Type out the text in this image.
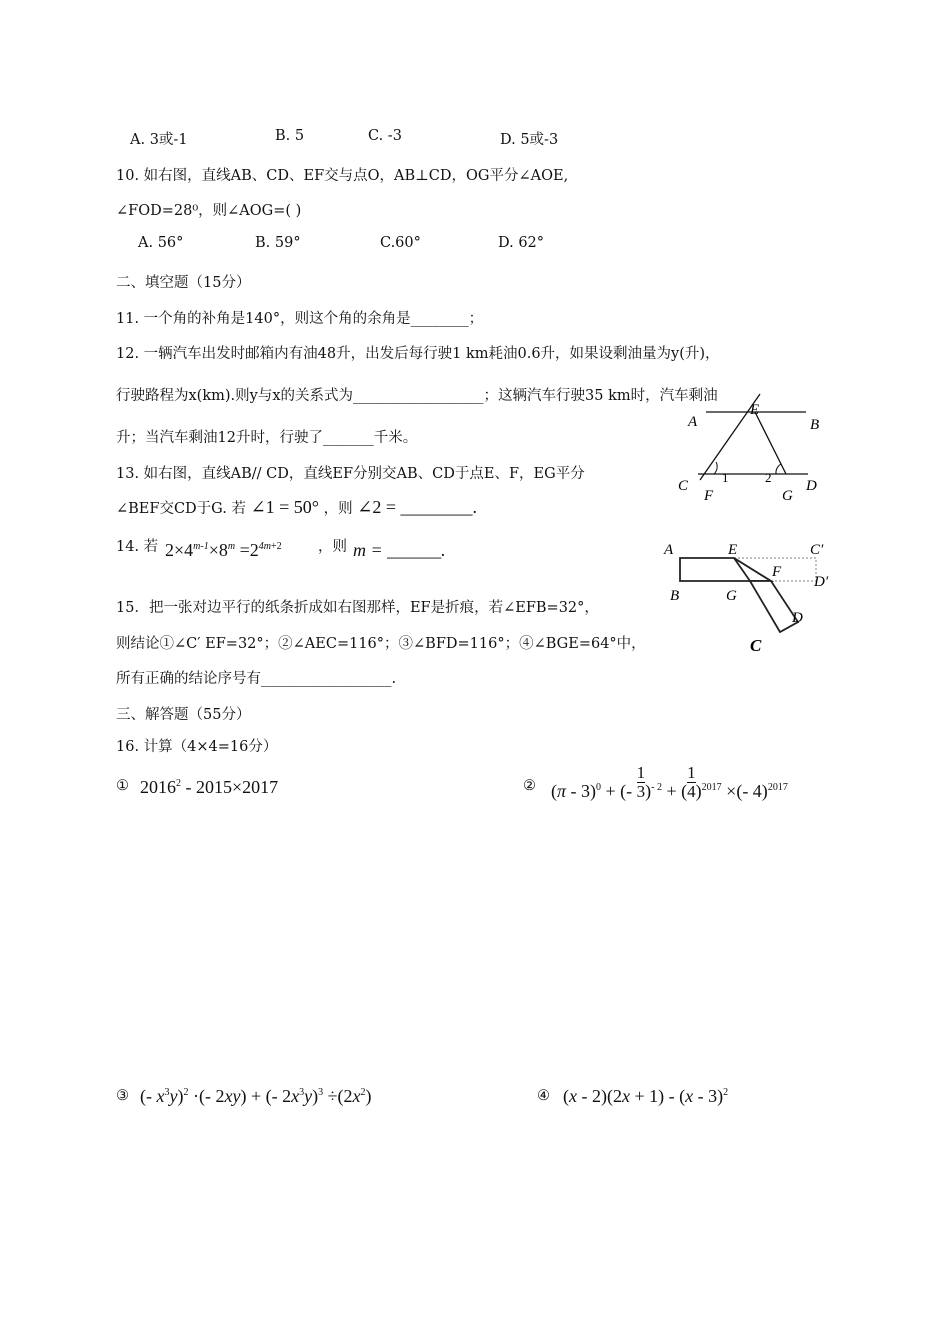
A. 3或-1	B. 5	C. -3	D. 5或-3
10. 如右图，直线AB、CD、EF交与点O，AB⊥CD，OG平分∠AOE,
∠FOD=28⁰，则∠AOG=( )
A. 56°	B. 59°	C.60°	D. 62°
二、填空题（15分）
11. 一个角的补角是140°，则这个角的余角是________；
12. 一辆汽车出发时邮箱内有油48升，出发后每行驶1 km耗油0.6升，如果设剩油量为y(升)，
行驶路程为x(km).则y与x的关系式为__________________；这辆汽车行驶35 km时，汽车剩油
升；当汽车剩油12升时，行驶了_______千米。
13. 如右图，直线AB// CD，直线EF分别交AB、CD于点E、F，EG平分
∠BEF交CD于G. 若 ∠1 = 50° ，则 ∠2 = ________.
14. 若 $2\times 4^{m-1}\times 8^m =2^{4m+2}$	，则 m = ______.
15．把一张对边平行的纸条折成如右图那样，EF是折痕，若∠EFB=32°，
则结论①∠C′ EF=32°；②∠AEC=116°；③∠BFD=116°；④∠BGE=64°中，
所有正确的结论序号有__________________.
三、解答题（55分）
16. 计算（4×4=16分）
① 2016$^2$ - 2015×2017	② (π - 3)$^0$ + (- $\frac{1}{3} )^{- 2}$ + ( $\frac{1}{4} )^{2017}$ ×(- 4)$^{2017}$
③ (- $x^3y)^2$ ·(- 2xy) + (- $2x^3y)^3 \div(2x^2)$	④ (x - 2)(2x + 1) - (x - 3)$^2$
A	B
E
C
F
1	2
G
D
A	E	C′
F
D′
B	G
D
C
